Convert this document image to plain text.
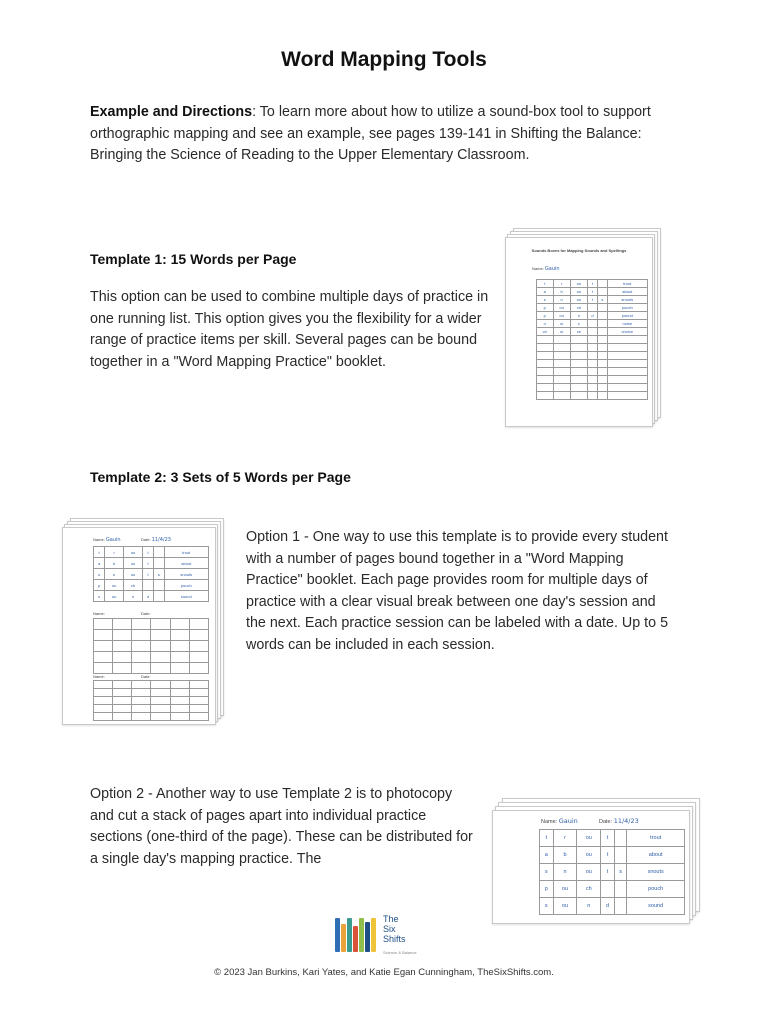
Word Mapping Tools
Example and Directions: To learn more about how to utilize a sound-box tool to support orthographic mapping and see an example, see pages 139-141 in Shifting the Balance: Bringing the Science of Reading to the Upper Elementary Classroom.
Template 1: 15 Words per Page
This option can be used to combine multiple days of practice in one running list. This option gives you the flexibility for a wider range of practice items per skill. Several pages can be bound together in a "Word Mapping Practice" booklet.
Sounds Boxes for Mapping Sounds and Spellings
Name: Gauin
t	r	ou	t		trout
a	b	ou	t		about
s	n	ou	t	s	snouts
p	ou	ch			pouch
p	ou	n	d		pound
n	oi	z			noise
ch	oi	ce			choice

Template 2: 3 Sets of 5 Words per Page
Name: Gauin	Date: 11/4/23
t	r	ou	t		trout
a	b	ou	t		about
s	n	ou	t	s	snouts
p	ou	ch			pouch
s	ou	n	d		sound
Name:	Date:

Name:	Date:

Option 1 - One way to use this template is to provide every student with a number of pages bound together in a "Word Mapping Practice" booklet. Each page provides room for multiple days of practice with a clear visual break between one day's session and the next. Each practice session can be labeled with a date. Up to 5 words can be included in each session.
Option 2 - Another way to use Template 2 is to photocopy and cut a stack of pages apart into individual practice sections (one-third of the page). These can be distributed for a single day's mapping practice. The
Name: Gauin	Date: 11/4/23
t	r	ou	t		trout
a	b	ou	t		about
s	n	ou	t	s	snouts
p	ou	ch			pouch
s	ou	n	d		sound
The
Six
Shifts
Science & Balance
© 2023 Jan Burkins, Kari Yates, and Katie Egan Cunningham, TheSixShifts.com.
